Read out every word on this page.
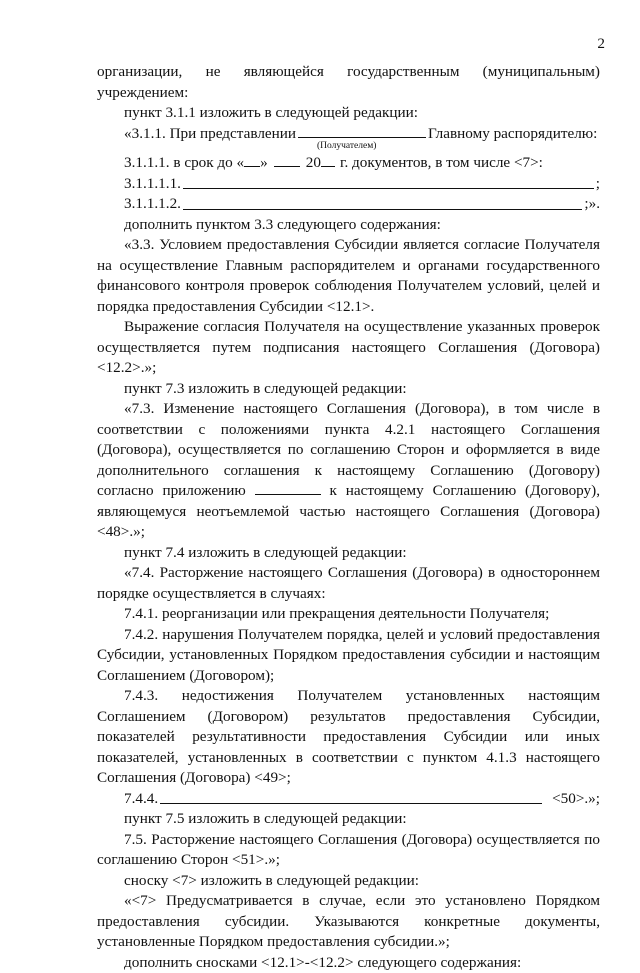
2
организации, не являющейся государственным (муниципальным)

учреждением:

пункт 3.1.1 изложить в следующей редакции:

«3.1.1. При представлении	Главному распорядителю:
(Получателем)
3.1.1.1. в срок до « »	20 г. документов, в том числе <7>:
3.1.1.1.1.	;
3.1.1.1.2.	;».

дополнить пунктом 3.3 следующего содержания:

«3.3. Условием предоставления Субсидии является согласие Получателя на осуществление Главным распорядителем и органами государственного финансового контроля проверок соблюдения Получателем условий, целей и порядка предоставления Субсидии <12.1>.

Выражение согласия Получателя на осуществление указанных проверок осуществляется путем подписания настоящего Соглашения (Договора) <12.2>.»;

пункт 7.3 изложить в следующей редакции:

«7.3. Изменение настоящего Соглашения (Договора), в том числе в соответствии с положениями пункта 4.2.1 настоящего Соглашения (Договора), осуществляется по соглашению Сторон и оформляется в виде дополнительного соглашения к настоящему Соглашению (Договору) согласно приложению	к настоящему Соглашению (Договору), являющемуся неотъемлемой частью настоящего Соглашения (Договора) <48>.»;

пункт 7.4 изложить в следующей редакции:

«7.4. Расторжение настоящего Соглашения (Договора) в одностороннем порядке осуществляется в случаях:

7.4.1. реорганизации или прекращения деятельности Получателя;

7.4.2. нарушения Получателем порядка, целей и условий предоставления Субсидии, установленных Порядком предоставления субсидии и настоящим Соглашением (Договором);

7.4.3. недостижения Получателем установленных настоящим Соглашением (Договором) результатов предоставления Субсидии, показателей результативности предоставления Субсидии или иных показателей, установленных в соответствии с пунктом 4.1.3 настоящего Соглашения (Договора) <49>;

7.4.4.	<50>.»;

пункт 7.5 изложить в следующей редакции:

7.5. Расторжение настоящего Соглашения (Договора) осуществляется по соглашению Сторон <51>.»;

сноску <7> изложить в следующей редакции:

«<7> Предусматривается в случае, если это установлено Порядком предоставления субсидии. Указываются конкретные документы, установленные Порядком предоставления субсидии.»;

дополнить сносками <12.1>-<12.2> следующего содержания:
